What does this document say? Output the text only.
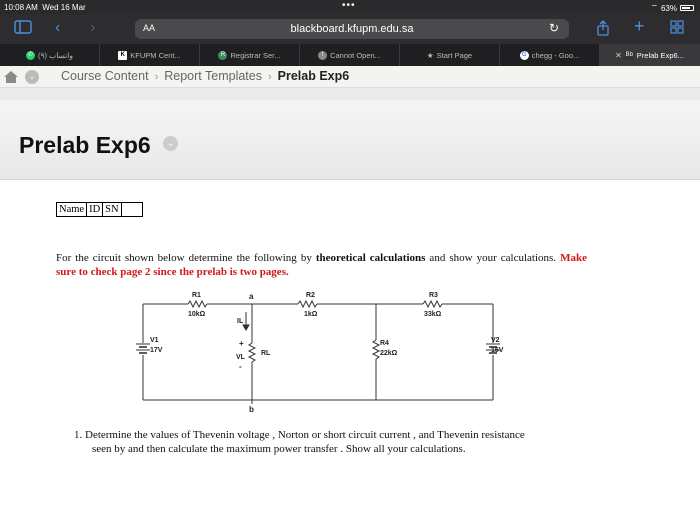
10:08 AM Wed 16 Mar	•••	⌔ 63%
‹ ›	AA	blackboard.kfupm.edu.sa	↻	+
✆ (٩) واتساب	K KFUPM Cent...	R Registrar Ser...	! Cannot Open...	★ Start Page	G chegg - Goo...	✕ Bb Prelab Exp6...
⌄ Course Content › Report Templates › Prelab Exp6
Prelab Exp6	⌄
Name ID SN
For the circuit shown below determine the following by theoretical calculations and show your calculations. Make sure to check page 2 since the prelab is two pages.
R1
10kΩ
R2
1kΩ
R3
33kΩ
a
IL
+
VL
-
RL
R4
22kΩ
V1
17V
V2
15V
b
1. Determine the values of Thevenin voltage , Norton or short circuit current , and Thevenin resistance
seen by and then calculate the maximum power transfer . Show all your calculations.
